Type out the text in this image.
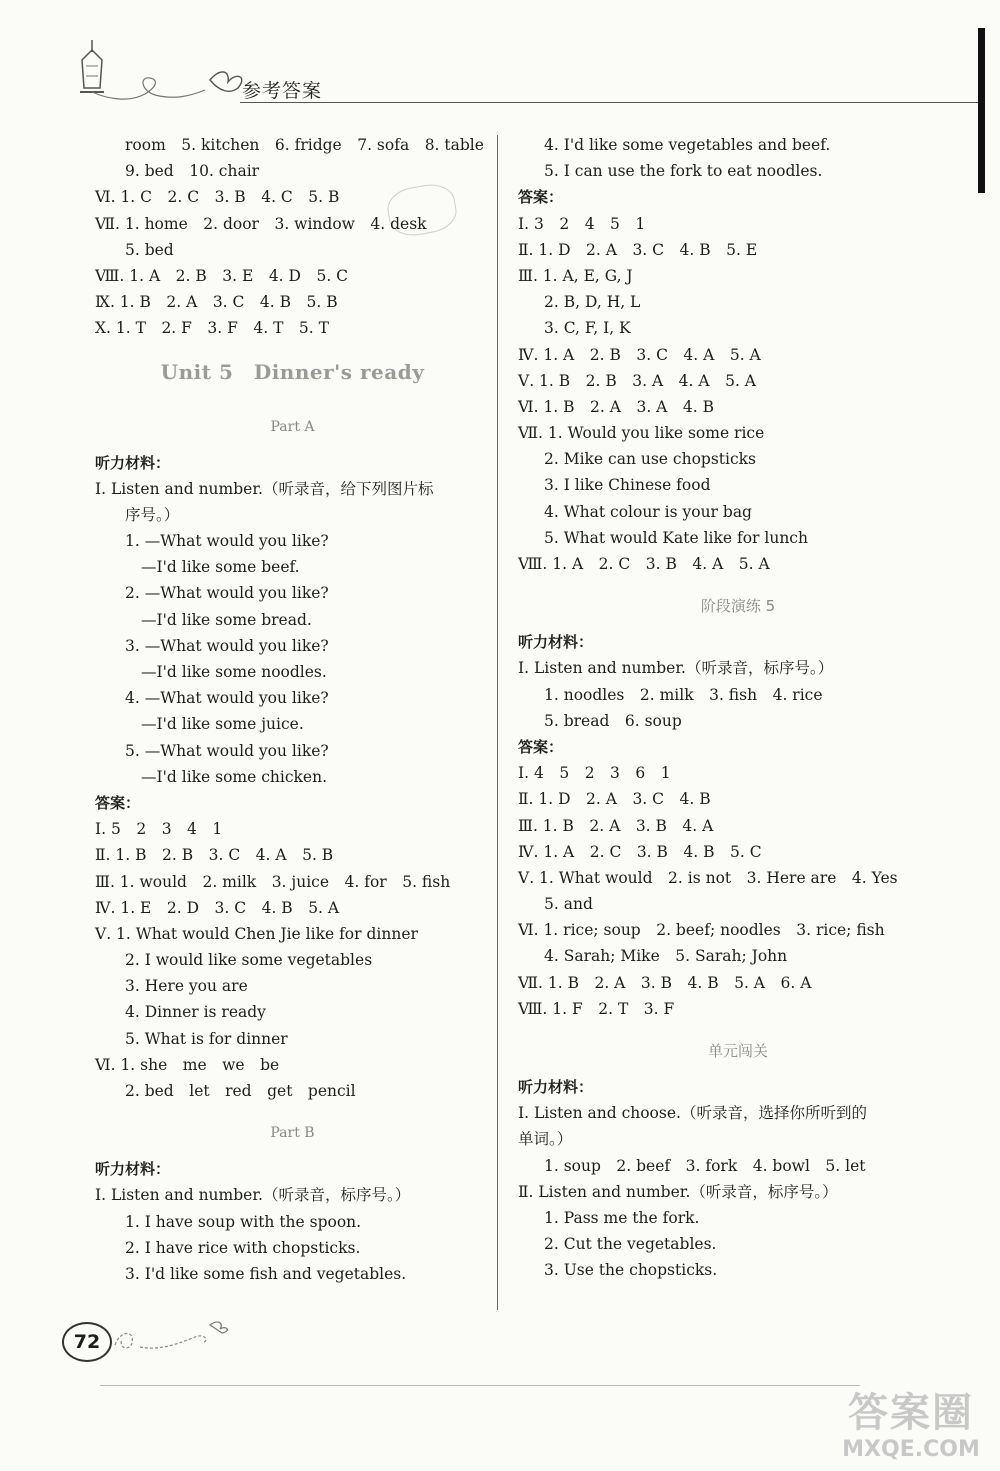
参考答案
room　5. kitchen　6. fridge　7. sofa　8. table
9. bed　10. chair
Ⅵ. 1. C　2. C　3. B　4. C　5. B
Ⅶ. 1. home　2. door　3. window　4. desk
5. bed
Ⅷ. 1. A　2. B　3. E　4. D　5. C
Ⅸ. 1. B　2. A　3. C　4. B　5. B
Ⅹ. 1. T　2. F　3. F　4. T　5. T
Unit 5　Dinner's ready
Part A
听力材料：
Ⅰ. Listen and number.（听录音，给下列图片标
序号。）
1. —What would you like?
—I'd like some beef.
2. —What would you like?
—I'd like some bread.
3. —What would you like?
—I'd like some noodles.
4. —What would you like?
—I'd like some juice.
5. —What would you like?
—I'd like some chicken.
答案：
Ⅰ. 5　2　3　4　1
Ⅱ. 1. B　2. B　3. C　4. A　5. B
Ⅲ. 1. would　2. milk　3. juice　4. for　5. fish
Ⅳ. 1. E　2. D　3. C　4. B　5. A
Ⅴ. 1. What would Chen Jie like for dinner
2. I would like some vegetables
3. Here you are
4. Dinner is ready
5. What is for dinner
Ⅵ. 1. she　me　we　be
2. bed　let　red　get　pencil
Part B
听力材料：
Ⅰ. Listen and number.（听录音，标序号。）
1. I have soup with the spoon.
2. I have rice with chopsticks.
3. I'd like some fish and vegetables.
4. I'd like some vegetables and beef.
5. I can use the fork to eat noodles.
答案：
Ⅰ. 3　2　4　5　1
Ⅱ. 1. D　2. A　3. C　4. B　5. E
Ⅲ. 1. A, E, G, J
2. B, D, H, L
3. C, F, I, K
Ⅳ. 1. A　2. B　3. C　4. A　5. A
Ⅴ. 1. B　2. B　3. A　4. A　5. A
Ⅵ. 1. B　2. A　3. A　4. B
Ⅶ. 1. Would you like some rice
2. Mike can use chopsticks
3. I like Chinese food
4. What colour is your bag
5. What would Kate like for lunch
Ⅷ. 1. A　2. C　3. B　4. A　5. A
阶段演练 5
听力材料：
Ⅰ. Listen and number.（听录音，标序号。）
1. noodles　2. milk　3. fish　4. rice
5. bread　6. soup
答案：
Ⅰ. 4　5　2　3　6　1
Ⅱ. 1. D　2. A　3. C　4. B
Ⅲ. 1. B　2. A　3. B　4. A
Ⅳ. 1. A　2. C　3. B　4. B　5. C
Ⅴ. 1. What would　2. is not　3. Here are　4. Yes
5. and
Ⅵ. 1. rice; soup　2. beef; noodles　3. rice; fish
4. Sarah; Mike　5. Sarah; John
Ⅶ. 1. B　2. A　3. B　4. B　5. A　6. A
Ⅷ. 1. F　2. T　3. F
单元闯关
听力材料：
Ⅰ. Listen and choose.（听录音，选择你所听到的
单词。）
1. soup　2. beef　3. fork　4. bowl　5. let
Ⅱ. Listen and number.（听录音，标序号。）
1. Pass me the fork.
2. Cut the vegetables.
3. Use the chopsticks.
72
答案圈
MXQE.COM
